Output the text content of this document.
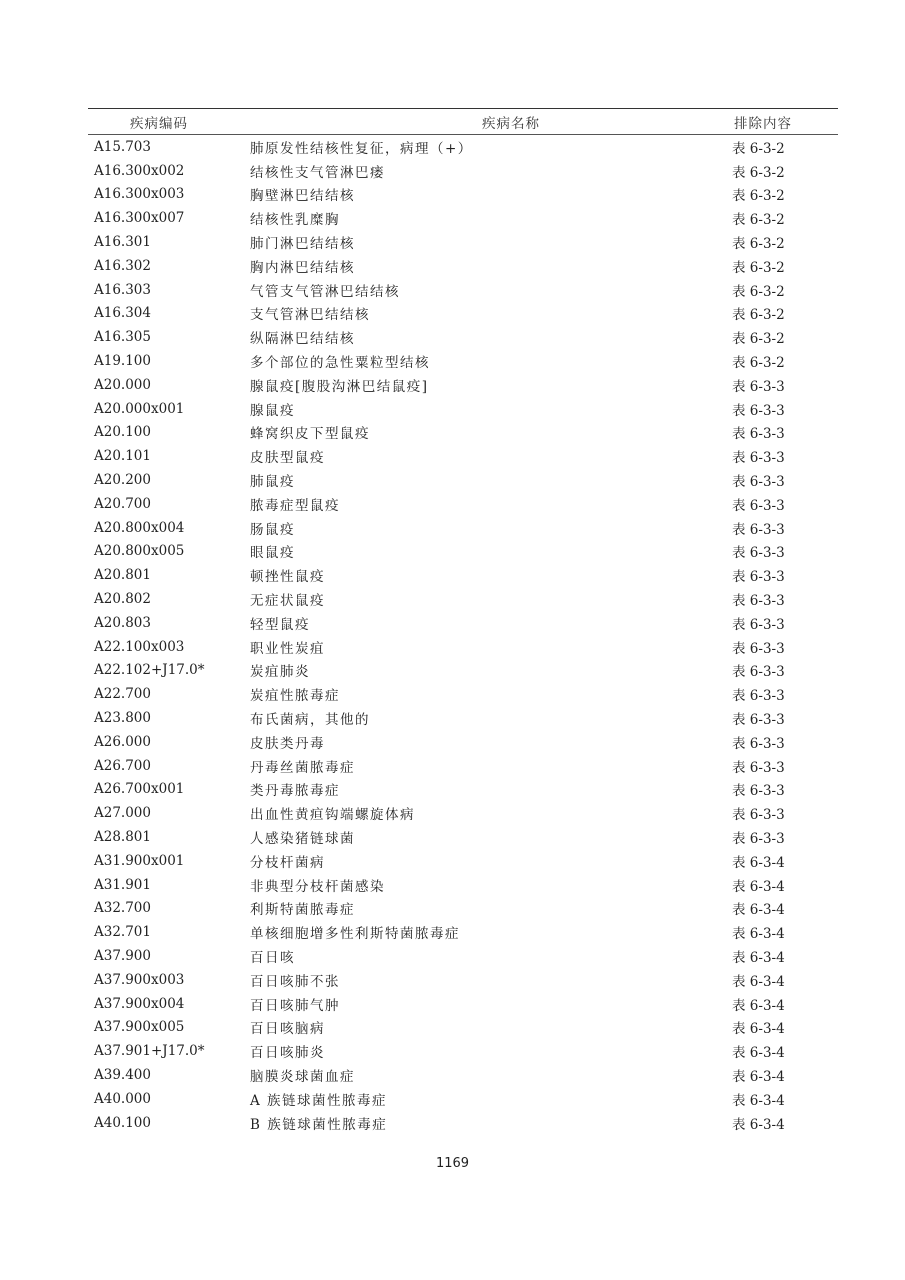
疾病编码	疾病名称	排除内容
A15.703	肺原发性结核性复征，病理（+）	表 6-3-2
A16.300x002	结核性支气管淋巴瘘	表 6-3-2
A16.300x003	胸壁淋巴结结核	表 6-3-2
A16.300x007	结核性乳糜胸	表 6-3-2
A16.301	肺门淋巴结结核	表 6-3-2
A16.302	胸内淋巴结结核	表 6-3-2
A16.303	气管支气管淋巴结结核	表 6-3-2
A16.304	支气管淋巴结结核	表 6-3-2
A16.305	纵隔淋巴结结核	表 6-3-2
A19.100	多个部位的急性粟粒型结核	表 6-3-2
A20.000	腺鼠疫[腹股沟淋巴结鼠疫]	表 6-3-3
A20.000x001	腺鼠疫	表 6-3-3
A20.100	蜂窝织皮下型鼠疫	表 6-3-3
A20.101	皮肤型鼠疫	表 6-3-3
A20.200	肺鼠疫	表 6-3-3
A20.700	脓毒症型鼠疫	表 6-3-3
A20.800x004	肠鼠疫	表 6-3-3
A20.800x005	眼鼠疫	表 6-3-3
A20.801	顿挫性鼠疫	表 6-3-3
A20.802	无症状鼠疫	表 6-3-3
A20.803	轻型鼠疫	表 6-3-3
A22.100x003	职业性炭疽	表 6-3-3
A22.102+J17.0*	炭疽肺炎	表 6-3-3
A22.700	炭疽性脓毒症	表 6-3-3
A23.800	布氏菌病，其他的	表 6-3-3
A26.000	皮肤类丹毒	表 6-3-3
A26.700	丹毒丝菌脓毒症	表 6-3-3
A26.700x001	类丹毒脓毒症	表 6-3-3
A27.000	出血性黄疸钩端螺旋体病	表 6-3-3
A28.801	人感染猪链球菌	表 6-3-3
A31.900x001	分枝杆菌病	表 6-3-4
A31.901	非典型分枝杆菌感染	表 6-3-4
A32.700	利斯特菌脓毒症	表 6-3-4
A32.701	单核细胞增多性利斯特菌脓毒症	表 6-3-4
A37.900	百日咳	表 6-3-4
A37.900x003	百日咳肺不张	表 6-3-4
A37.900x004	百日咳肺气肿	表 6-3-4
A37.900x005	百日咳脑病	表 6-3-4
A37.901+J17.0*	百日咳肺炎	表 6-3-4
A39.400	脑膜炎球菌血症	表 6-3-4
A40.000	A 族链球菌性脓毒症	表 6-3-4
A40.100	B 族链球菌性脓毒症	表 6-3-4
1169
